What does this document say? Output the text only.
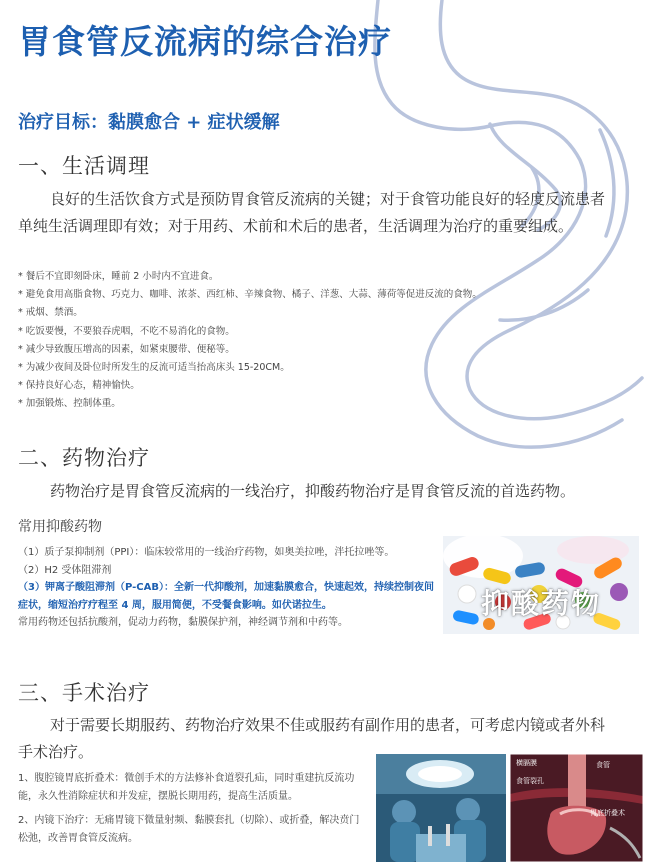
胃食管反流病的综合治疗
治疗目标：黏膜愈合 + 症状缓解
一、生活调理

良好的生活饮食方式是预防胃食管反流病的关键；对于食管功能良好的轻度反流患者单纯生活调理即有效；对于用药、术前和术后的患者，生活调理为治疗的重要组成。

* 餐后不宜即刻卧床，睡前 2 小时内不宜进食。
* 避免食用高脂食物、巧克力、咖啡、浓茶、西红柿、辛辣食物、橘子、洋葱、大蒜、薄荷等促进反流的食物。
* 戒烟、禁酒。
* 吃饭要慢，不要狼吞虎咽，不吃不易消化的食物。
* 减少导致腹压增高的因素，如紧束腰带、便秘等。
* 为减少夜间及卧位时所发生的反流可适当抬高床头 15-20CM。
* 保持良好心态，精神愉快。
* 加强锻炼、控制体重。
二、药物治疗

药物治疗是胃食管反流病的一线治疗，抑酸药物治疗是胃食管反流的首选药物。

常用抑酸药物
（1）质子泵抑制剂（PPI）：临床较常用的一线治疗药物，如奥美拉唑，泮托拉唑等。
（2）H2 受体阻滞剂
（3）钾离子酸阻滞剂（P-CAB）：全新一代抑酸剂，加速黏膜愈合，快速起效，持续控制夜间症状，缩短治疗疗程至 4 周，服用简便，不受餐食影响。如伏诺拉生。
常用药物还包括抗酸剂，促动力药物，黏膜保护剂，神经调节剂和中药等。
抑酸药物
三、手术治疗

对于需要长期服药、药物治疗效果不佳或服药有副作用的患者，可考虑内镜或者外科手术治疗。

1、腹腔镜胃底折叠术：微创手术的方法修补食道裂孔疝，同时重建抗反流功能，永久性消除症状和并发症，摆脱长期用药，提高生活质量。

2、内镜下治疗：无痛胃镜下微量射频、黏膜套扎（切除）、或折叠，解决贲门松弛，改善胃食管反流病。

横膈膜
食管裂孔
食管
胃底折叠术
